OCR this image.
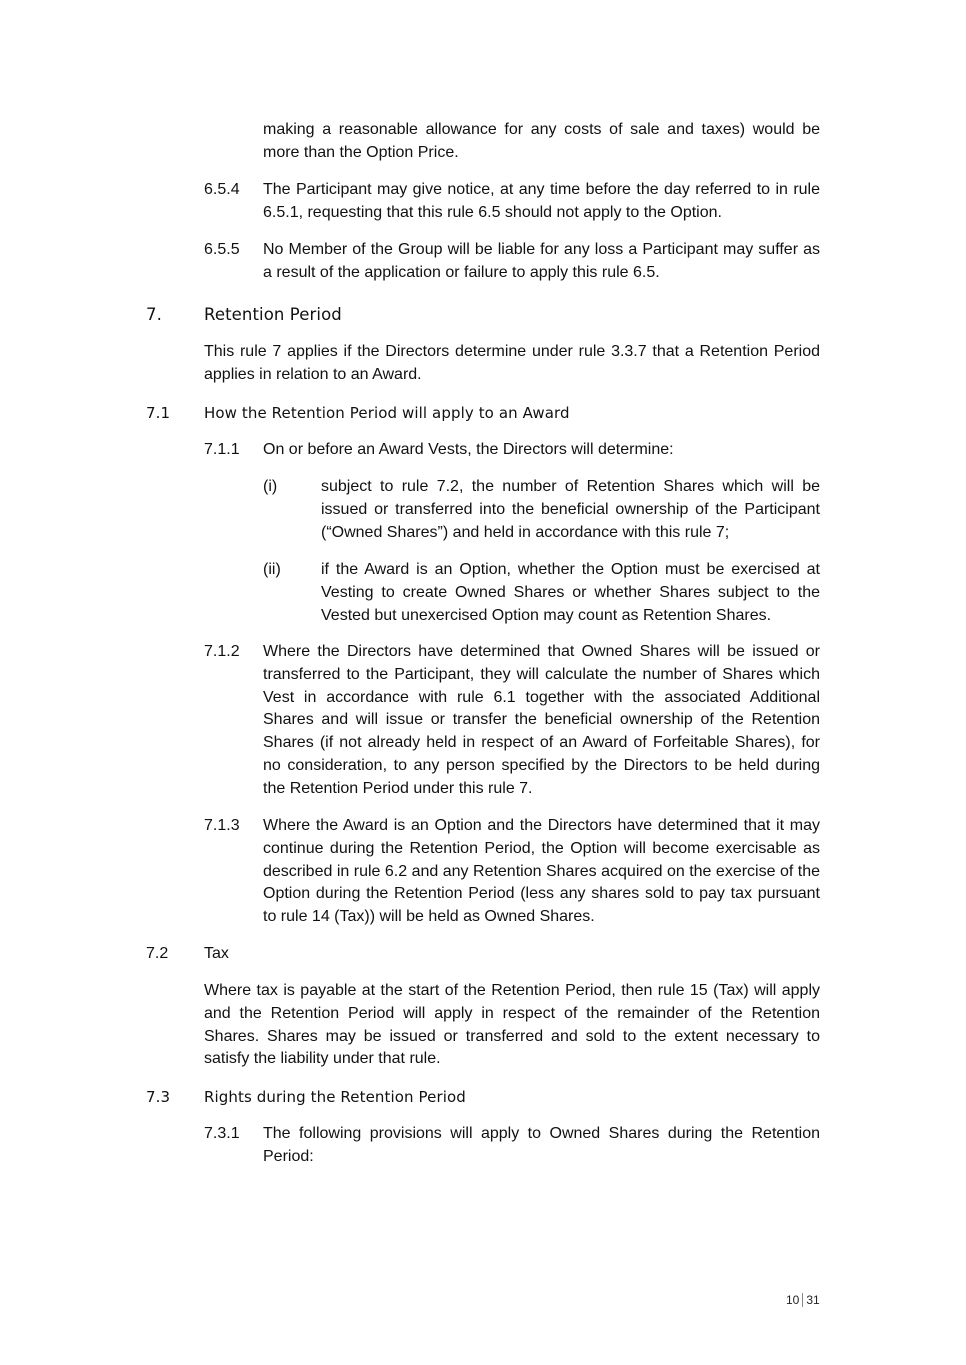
making a reasonable allowance for any costs of sale and taxes) would be more than the Option Price.
6.5.4 The Participant may give notice, at any time before the day referred to in rule 6.5.1, requesting that this rule 6.5 should not apply to the Option.
6.5.5 No Member of the Group will be liable for any loss a Participant may suffer as a result of the application or failure to apply this rule 6.5.
7.	Retention Period
This rule 7 applies if the Directors determine under rule 3.3.7 that a Retention Period applies in relation to an Award.
7.1 How the Retention Period will apply to an Award
7.1.1 On or before an Award Vests, the Directors will determine:
(i)	subject to rule 7.2, the number of Retention Shares which will be issued or transferred into the beneficial ownership of the Participant (“Owned Shares”) and held in accordance with this rule 7;
(ii)	if the Award is an Option, whether the Option must be exercised at Vesting to create Owned Shares or whether Shares subject to the Vested but unexercised Option may count as Retention Shares.
7.1.2 Where the Directors have determined that Owned Shares will be issued or transferred to the Participant, they will calculate the number of Shares which Vest in accordance with rule 6.1 together with the associated Additional Shares and will issue or transfer the beneficial ownership of the Retention Shares (if not already held in respect of an Award of Forfeitable Shares), for no consideration, to any person specified by the Directors to be held during the Retention Period under this rule 7.
7.1.3 Where the Award is an Option and the Directors have determined that it may continue during the Retention Period, the Option will become exercisable as described in rule 6.2 and any Retention Shares acquired on the exercise of the Option during the Retention Period (less any shares sold to pay tax pursuant to rule 14 (Tax)) will be held as Owned Shares.
7.2 Tax
Where tax is payable at the start of the Retention Period, then rule 15 (Tax) will apply and the Retention Period will apply in respect of the remainder of the Retention Shares. Shares may be issued or transferred and sold to the extent necessary to satisfy the liability under that rule.
7.3 Rights during the Retention Period
7.3.1 The following provisions will apply to Owned Shares during the Retention Period:
10 31
